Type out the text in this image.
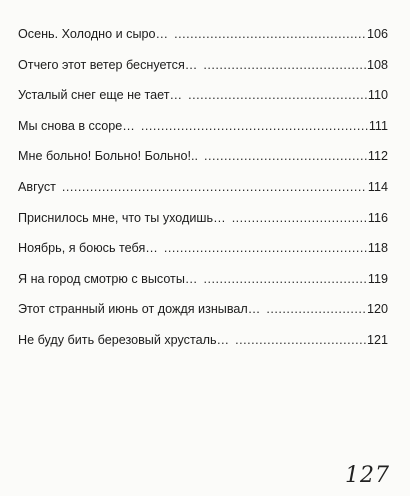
Осень. Холодно и сыро… .....	106
Отчего этот ветер беснуется… .....	108
Усталый снег еще не тает… .....	110
Мы снова в ссоре… .....	111
Мне больно! Больно! Больно!.. .....	112
Август .....	114
Приснилось мне, что ты уходишь… .....	116
Ноябрь, я боюсь тебя… .....	118
Я на город смотрю с высоты… .....	119
Этот странный июнь от дождя изнывал… .....	120
Не буду бить березовый хрусталь… .....	121
127
